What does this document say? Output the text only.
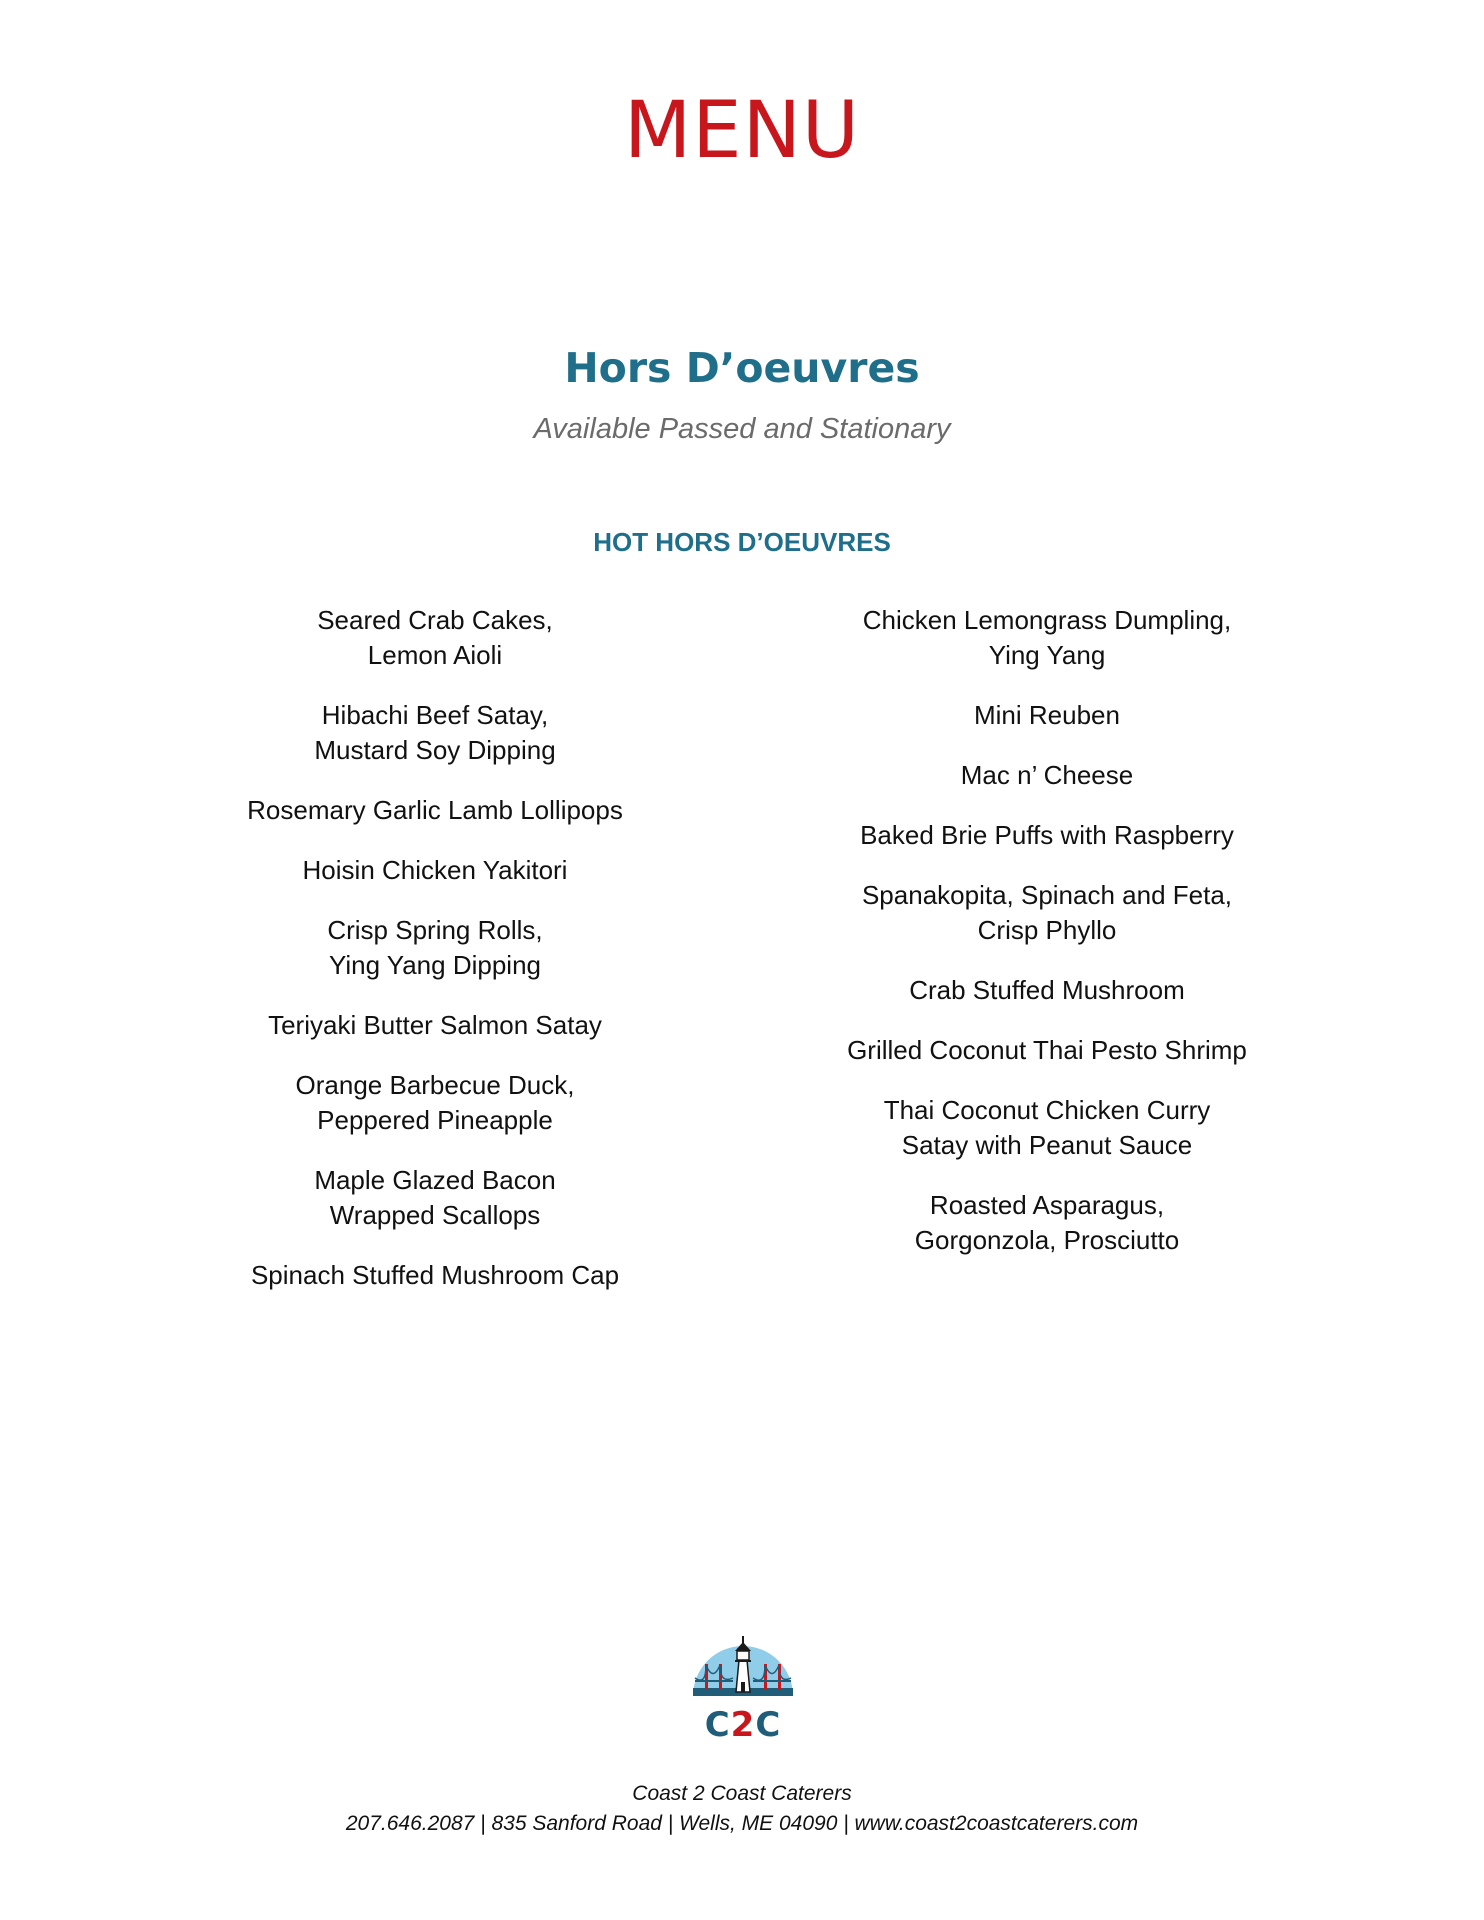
MENU
Hors D’oeuvres

Available Passed and Stationary

HOT HORS D’OEUVRES

Seared Crab Cakes,
Lemon Aioli

Hibachi Beef Satay,
Mustard Soy Dipping

Rosemary Garlic Lamb Lollipops

Hoisin Chicken Yakitori

Crisp Spring Rolls,
Ying Yang Dipping

Teriyaki Butter Salmon Satay

Orange Barbecue Duck,
Peppered Pineapple

Maple Glazed Bacon
Wrapped Scallops

Spinach Stuffed Mushroom Cap

Chicken Lemongrass Dumpling,
Ying Yang

Mini Reuben

Mac n’ Cheese

Baked Brie Puffs with Raspberry

Spanakopita, Spinach and Feta,
Crisp Phyllo

Crab Stuffed Mushroom

Grilled Coconut Thai Pesto Shrimp

Thai Coconut Chicken Curry
Satay with Peanut Sauce

Roasted Asparagus,
Gorgonzola, Prosciutto

C2C
Coast 2 Coast Caterers
207.646.2087 | 835 Sanford Road | Wells, ME 04090 | www.coast2coastcaterers.com
